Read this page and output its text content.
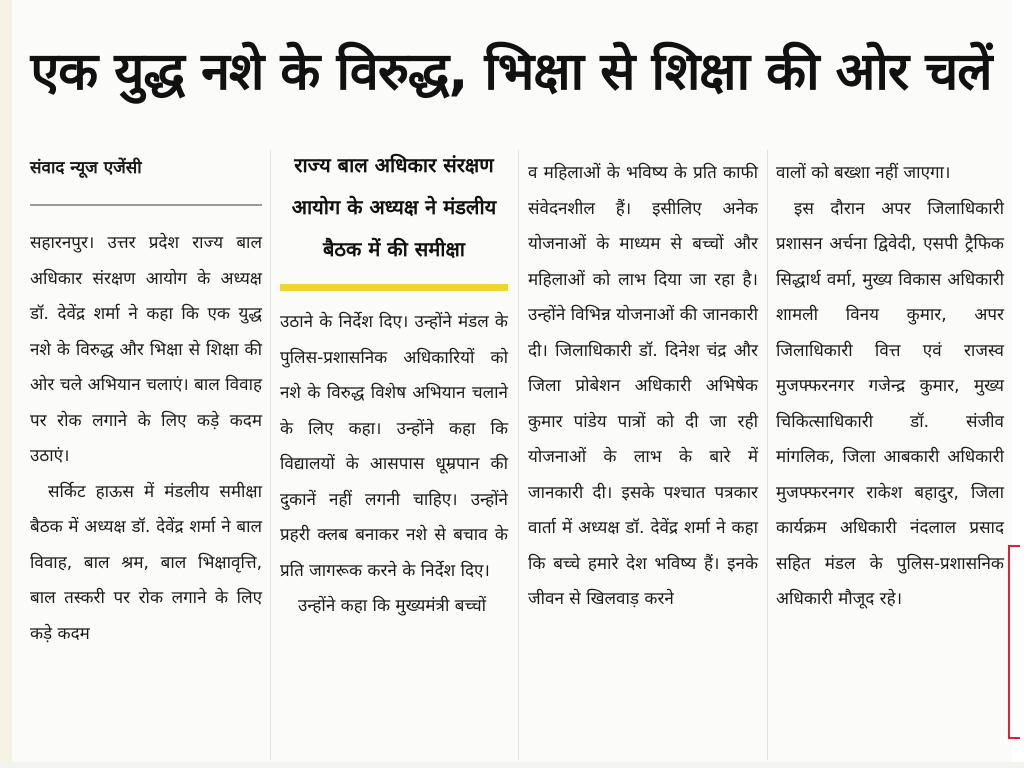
एक युद्ध नशे के विरुद्ध, भिक्षा से शिक्षा की ओर चलें

संवाद न्यूज एजेंसी

सहारनपुर। उत्तर प्रदेश राज्य बाल अधिकार संरक्षण आयोग के अध्यक्ष डॉ. देवेंद्र शर्मा ने कहा कि एक युद्ध नशे के विरुद्ध और भिक्षा से शिक्षा की ओर चले अभियान चलाएं। बाल विवाह पर रोक लगाने के लिए कड़े कदम उठाएं।

सर्किट हाऊस में मंडलीय समीक्षा बैठक में अध्यक्ष डॉ. देवेंद्र शर्मा ने बाल विवाह, बाल श्रम, बाल भिक्षावृत्ति, बाल तस्करी पर रोक लगाने के लिए कड़े कदम

राज्य बाल अधिकार संरक्षण आयोग के अध्यक्ष ने मंडलीय बैठक में की समीक्षा

उठाने के निर्देश दिए। उन्होंने मंडल के पुलिस-प्रशासनिक अधिकारियों को नशे के विरुद्ध विशेष अभियान चलाने के लिए कहा। उन्होंने कहा कि विद्यालयों के आसपास धूम्रपान की दुकानें नहीं लगनी चाहिए। उन्होंने प्रहरी क्लब बनाकर नशे से बचाव के प्रति जागरूक करने के निर्देश दिए।

उन्होंने कहा कि मुख्यमंत्री बच्चों

व महिलाओं के भविष्य के प्रति काफी संवेदनशील हैं। इसीलिए अनेक योजनाओं के माध्यम से बच्चों और महिलाओं को लाभ दिया जा रहा है। उन्होंने विभिन्न योजनाओं की जानकारी दी। जिलाधिकारी डॉ. दिनेश चंद्र और जिला प्रोबेशन अधिकारी अभिषेक कुमार पांडेय पात्रों को दी जा रही योजनाओं के लाभ के बारे में जानकारी दी। इसके पश्चात पत्रकार वार्ता में अध्यक्ष डॉ. देवेंद्र शर्मा ने कहा कि बच्चे हमारे देश भविष्य हैं। इनके जीवन से खिलवाड़ करने

वालों को बख्शा नहीं जाएगा।

इस दौरान अपर जिलाधिकारी प्रशासन अर्चना द्विवेदी, एसपी ट्रैफिक सिद्धार्थ वर्मा, मुख्य विकास अधिकारी शामली विनय कुमार, अपर जिलाधिकारी वित्त एवं राजस्व मुजफ्फरनगर गजेन्द्र कुमार, मुख्य चिकित्साधिकारी डॉ. संजीव मांगलिक, जिला आबकारी अधिकारी मुजफ्फरनगर राकेश बहादुर, जिला कार्यक्रम अधिकारी नंदलाल प्रसाद सहित मंडल के पुलिस-प्रशासनिक अधिकारी मौजूद रहे।
